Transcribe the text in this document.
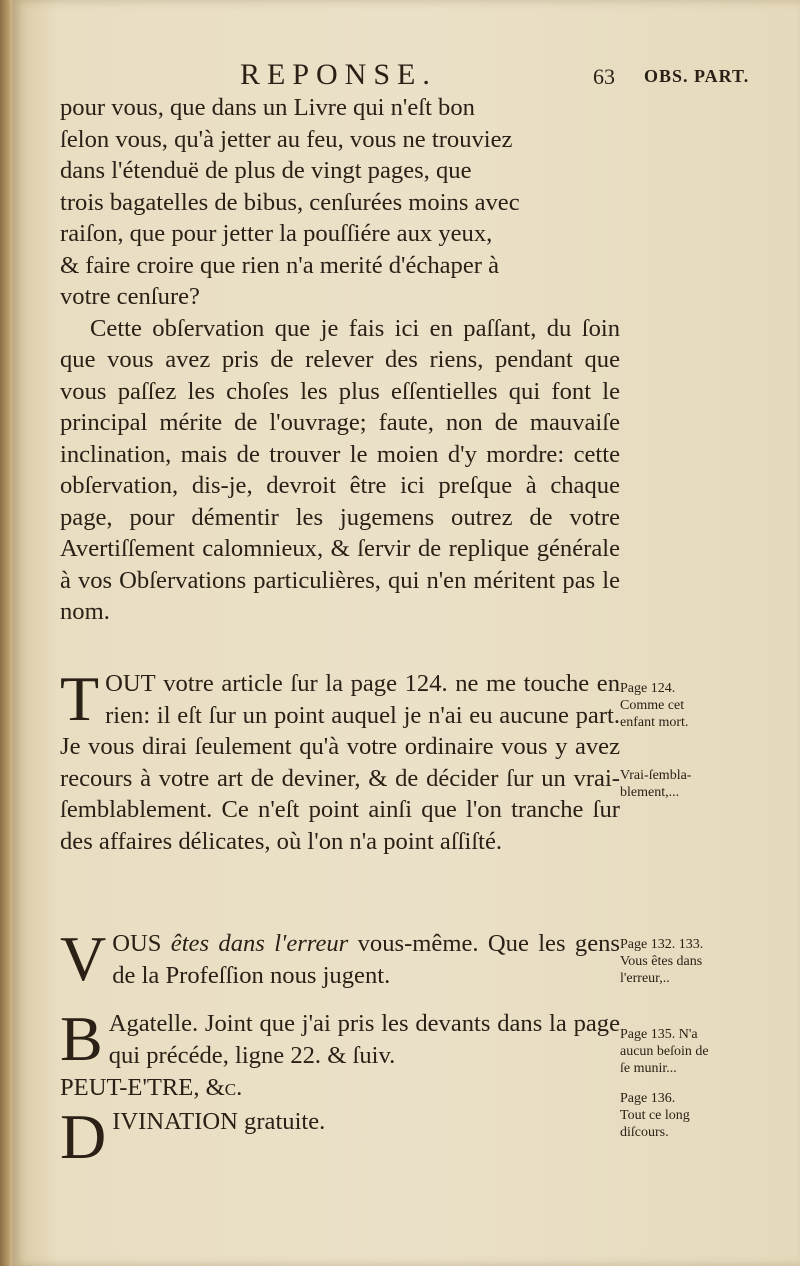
REPONSE.	63 OBS. PART.

pour vous, que dans un Livre qui n'eſt bon

ſelon vous, qu'à jetter au feu, vous ne trouviez

dans l'étenduë de plus de vingt pages, que

trois bagatelles de bibus, cenſurées moins avec

raiſon, que pour jetter la pouſſiére aux yeux,

& faire croire que rien n'a merité d'échaper à

votre cenſure?

Cette obſervation que je fais ici en paſſant, du ſoin que vous avez pris de relever des riens, pendant que vous paſſez les choſes les plus eſſentielles qui font le principal mérite de l'ouvrage; faute, non de mauvaiſe inclination, mais de trouver le moien d'y mordre: cette obſervation, dis-je, devroit être ici preſque à chaque page, pour démentir les jugemens outrez de votre Avertiſſement calomnieux, & ſervir de replique générale à vos Obſervations particulières, qui n'en méritent pas le nom.

T OUT votre article ſur la page 124. ne me touche en rien: il eſt ſur un point auquel je n'ai eu aucune part. Je vous dirai ſeulement qu'à votre ordinaire vous y avez recours à votre art de deviner, & de décider ſur un vrai-ſemblablement. Ce n'eſt point ainſi que l'on tranche ſur des affaires délicates, où l'on n'a point aſſiſté.

Page 124.

Comme cet enfant mort.

Vrai-ſembla-blement,...

V OUS êtes dans l'erreur vous-même. Que les gens de la Profeſſion nous jugent.

Page 132. 133.

Vous êtes dans l'erreur,..

B Agatelle. Joint que j'ai pris les devants dans la page qui précéde, ligne 22. & ſuiv.

Page 135. N'a aucun beſoin de ſe munir...

PEUT-E'TRE, &c.	Page 136.

Tout ce long diſcours.

D IVINATION gratuite.
